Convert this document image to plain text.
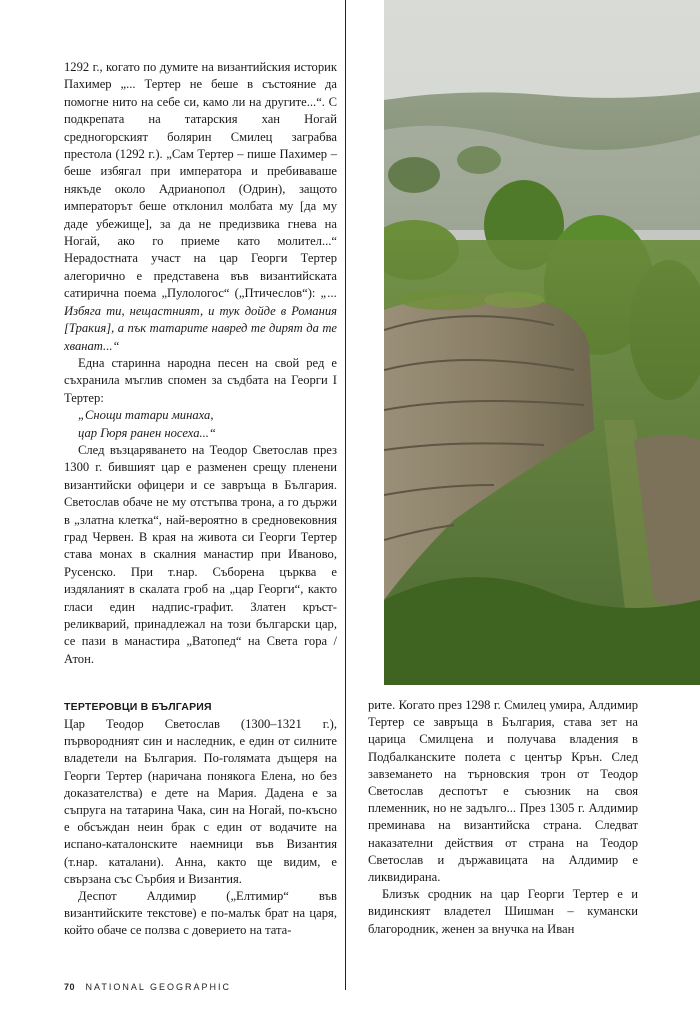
1292 г., когато по думите на византийския историк Пахимер „... Тертер не беше в състояние да помогне нито на себе си, камо ли на другите...“. С подкрепата на татарския хан Ногай средногорският болярин Смилец заграбва престола (1292 г.). „Сам Тертер – пише Пахимер – беше избягал при императора и пребиваваше някъде около Адрианопол (Одрин), защото императорът беше отклонил молбата му [да му даде убежище], за да не предизвика гнева на Ногай, ако го приеме като молител...“ Нерадостната участ на цар Георги Тертер алегорично е представена във византийската сатирична поема „Пулологос“ („Птичеслов“): „... Избяга ти, нещастният, и тук дойде в Романия [Тракия], а пък татарите навред те дирят да те хванат...“

Една старинна народна песен на свой ред е съхранила мъглив спомен за съдбата на Георги I Тертер:

„Снощи татари минаха,

цар Гюря ранен носеха...“

След възцаряването на Теодор Светослав през 1300 г. бившият цар е разменен срещу пленени византийски офицери и се завръща в България. Светослав обаче не му отстъпва трона, а го държи в „златна клетка“, най-вероятно в средновековния град Червен. В края на живота си Георги Тертер става монах в скалния манастир при Иваново, Русенско. При т.нар. Съборена църква е издяланият в скалата гроб на „цар Георги“, както гласи един надпис-графит. Златен кръст-реликварий, принадлежал на този български цар, се пази в манастира „Ватопед“ на Света гора /Атон.

ТЕРТЕРОВЦИ В БЪЛГАРИЯ

Цар Теодор Светослав (1300–1321 г.), първородният син и наследник, е един от силните владетели на България. По-голямата дъщеря на Георги Тертер (наричана понякога Елена, но без доказателства) е дете на Мария. Дадена е за съпруга на татарина Чака, син на Ногай, по-късно е обсъждан неин брак с един от водачите на испано-каталонските наемници във Византия (т.нар. каталани). Анна, както ще видим, е свързана със Сърбия и Византия.

Деспот Алдимир („Елтимир“ във византийските текстове) е по-малък брат на царя, който обаче се ползва с доверието на тата-

рите. Когато през 1298 г. Смилец умира, Алдимир Тертер се завръща в България, става зет на царица Смилцена и получава владения в Подбалканските полета с център Крън. След завземането на търновския трон от Теодор Светослав деспотът е съюзник на своя племенник, но не задълго... През 1305 г. Алдимир преминава на византийска страна. Следват наказателни действия от страна на Теодор Светослав и държавицата на Алдимир е ликвидирана.

Близък сродник на цар Георги Тертер е и видинският владетел Шишман – кумански благородник, женен за внучка на Иван

70 NATIONAL GEOGRAPHIC
